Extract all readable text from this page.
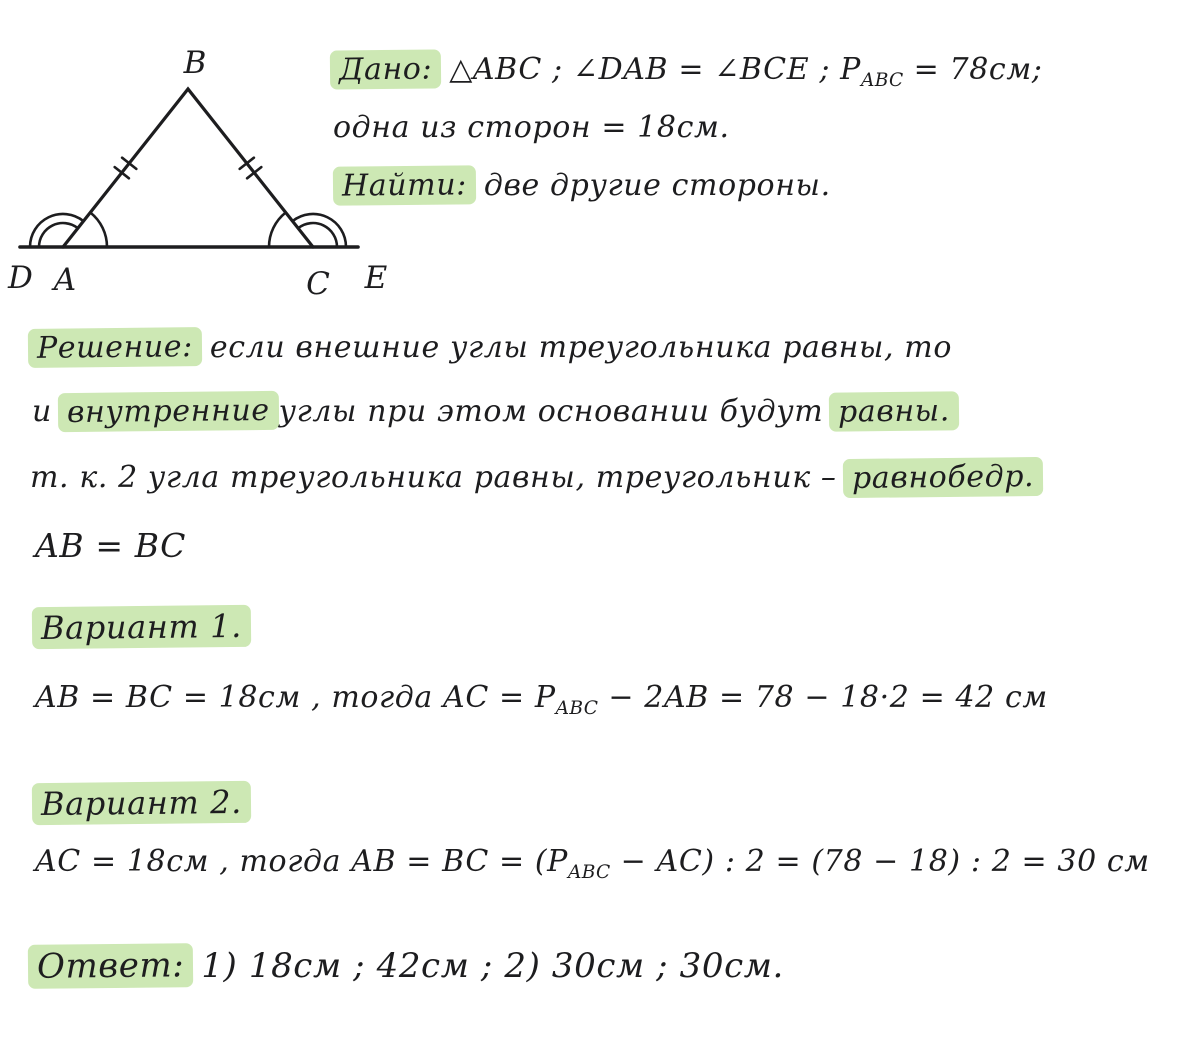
B
D A	C E
Дано: △ABC ; ∠DAB = ∠BCE ; $P_{ABC} = 78см$;
одна из сторон = 18см.
Найти: две другие стороны.
Решение: если внешние углы треугольника равны, то
и внутренние углы при этом основании будут равны.
т. к. 2 угла треугольника равны, треугольник – равнобедр.
AB = BC
Вариант 1.
AB = BC = 18см , тогда AC = $P_{ABC} - 2AB = 78 - 18\cdot 2 = 42$ см
Вариант 2.
AC = 18см , тогда AB = BC = $(P_{ABC} - AC)$ : 2 = (78 − 18) : 2 = 30 см
Ответ: 1) 18см ; 42см ; 2) 30см ; 30см.
